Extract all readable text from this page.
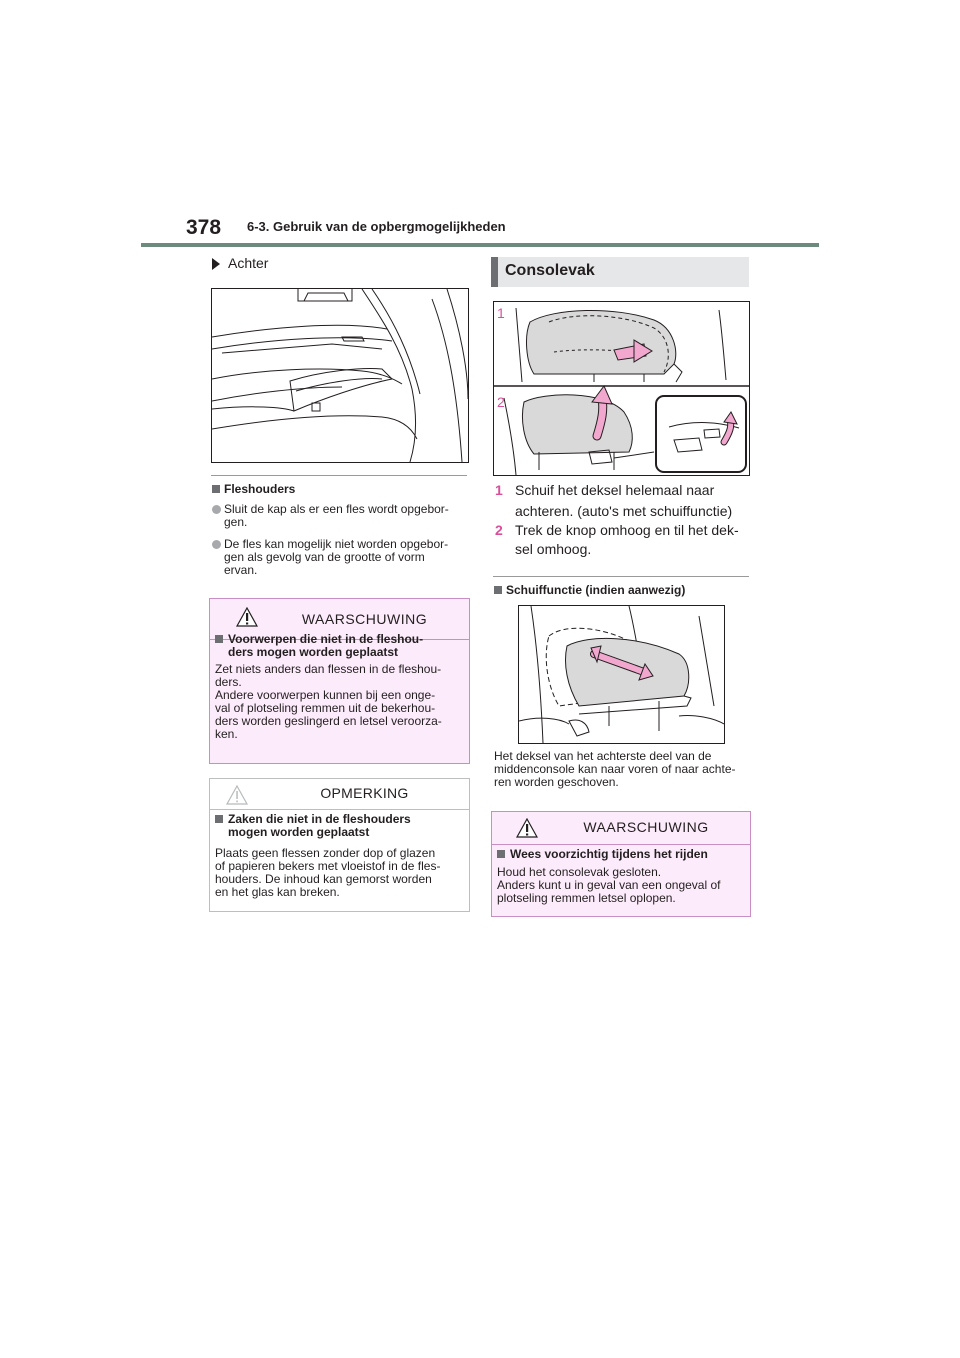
378 6-3. Gebruik van de opbergmogelijkheden
Achter
Fleshouders
Sluit de kap als er een fles wordt opgebor-
gen.
De fles kan mogelijk niet worden opgebor-
gen als gevolg van de grootte of vorm
ervan.
WAARSCHUWING
Voorwerpen die niet in de fleshou-
ders mogen worden geplaatst
Zet niets anders dan flessen in de fleshou-
ders.
Andere voorwerpen kunnen bij een onge-
val of plotseling remmen uit de bekerhou-
ders worden geslingerd en letsel veroorza-
ken.
OPMERKING
Zaken die niet in de fleshouders
mogen worden geplaatst
Plaats geen flessen zonder dop of glazen
of papieren bekers met vloeistof in de fles-
houders. De inhoud kan gemorst worden
en het glas kan breken.
Consolevak
1
2
1 Schuif het deksel helemaal naar
achteren. (auto's met schuiffunctie)
2 Trek de knop omhoog en til het dek-
sel omhoog.
Schuiffunctie (indien aanwezig)
Het deksel van het achterste deel van de
middenconsole kan naar voren of naar achte-
ren worden geschoven.
WAARSCHUWING
Wees voorzichtig tijdens het rijden
Houd het consolevak gesloten.
Anders kunt u in geval van een ongeval of
plotseling remmen letsel oplopen.
